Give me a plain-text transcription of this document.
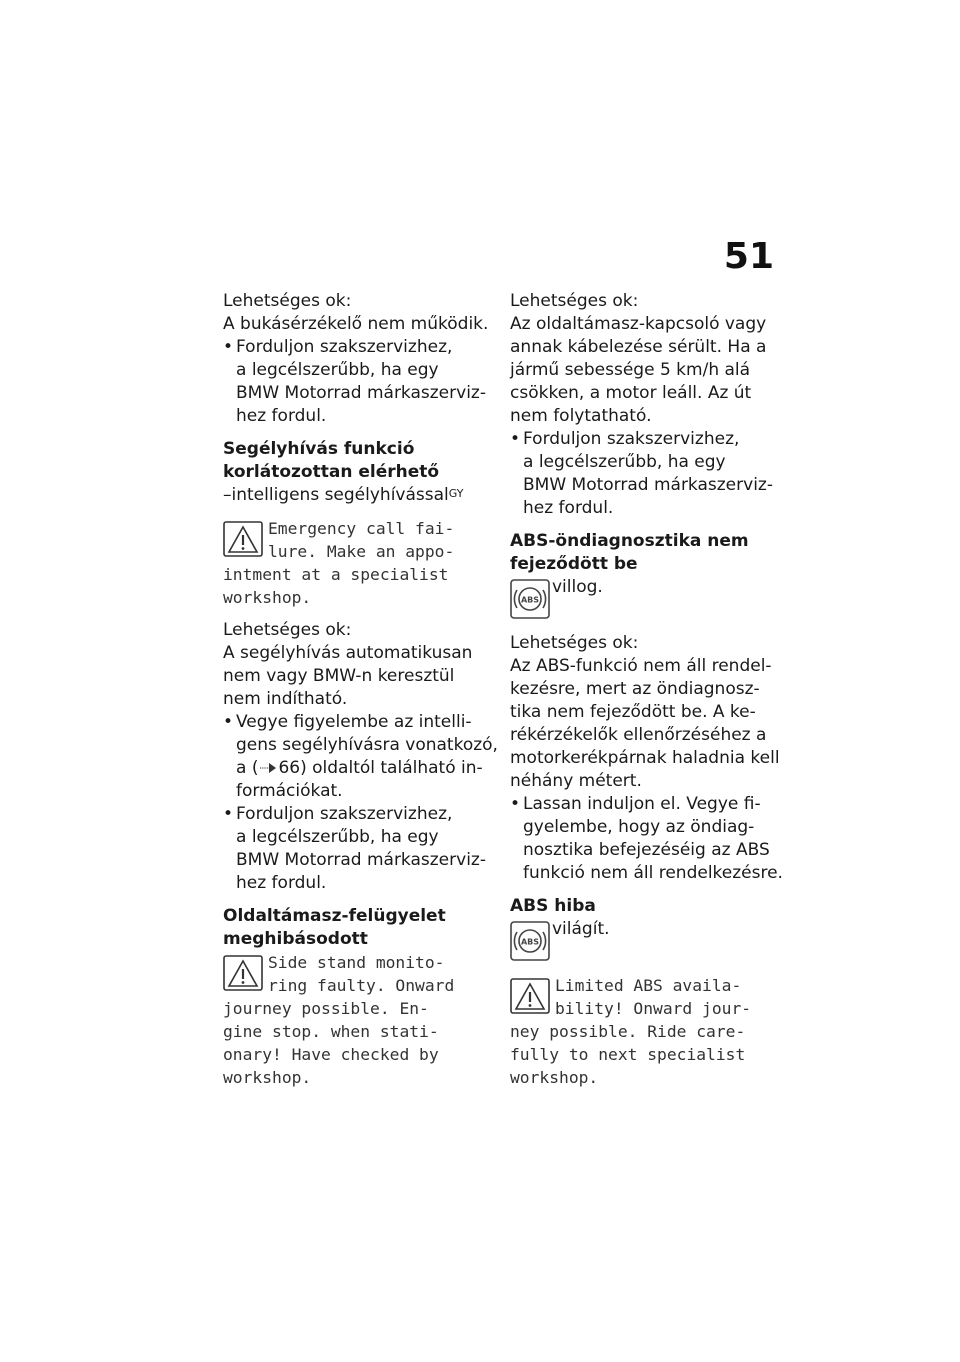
51

Lehetséges ok:

A bukásérzékelő nem működik.

• Forduljon szakszervizhez,
a legcélszerűbb, ha egy
BMW Motorrad márkaszerviz-
hez fordul.

Segélyhívás funkció

korlátozottan elérhető

–intelligens segélyhívással$^{GY}$

Emergency call fai-
lure. Make an appo-
intment at a specialist
workshop.

Lehetséges ok:

A segélyhívás automatikusan

nem vagy BMW-n keresztül

nem indítható.

• Vegye figyelembe az intelli-
gens segélyhívásra vonatkozó,
a ( 66) oldaltól található in-
formációkat.
• Forduljon szakszervizhez,
a legcélszerűbb, ha egy
BMW Motorrad márkaszerviz-
hez fordul.

Oldaltámasz-felügyelet

meghibásodott

Side stand monito-
ring faulty. Onward
journey possible. En-
gine stop. when stati-
onary! Have checked by
workshop.

Lehetséges ok:

Az oldaltámasz-kapcsoló vagy

annak kábelezése sérült. Ha a

jármű sebessége 5 km/h alá

csökken, a motor leáll. Az út

nem folytatható.

• Forduljon szakszervizhez,
a legcélszerűbb, ha egy
BMW Motorrad márkaszerviz-
hez fordul.

ABS-öndiagnosztika nem

fejeződött be

ABS
villog.

Lehetséges ok:

Az ABS-funkció nem áll rendel-

kezésre, mert az öndiagnosz-

tika nem fejeződött be. A ke-

rékérzékelők ellenőrzéséhez a

motorkerékpárnak haladnia kell

néhány métert.

• Lassan induljon el. Vegye fi-
gyelembe, hogy az öndiag-
nosztika befejezéséig az ABS
funkció nem áll rendelkezésre.

ABS hiba

ABS
világít.
Limited ABS availa-
bility! Onward jour-
ney possible. Ride care-
fully to next specialist
workshop.
